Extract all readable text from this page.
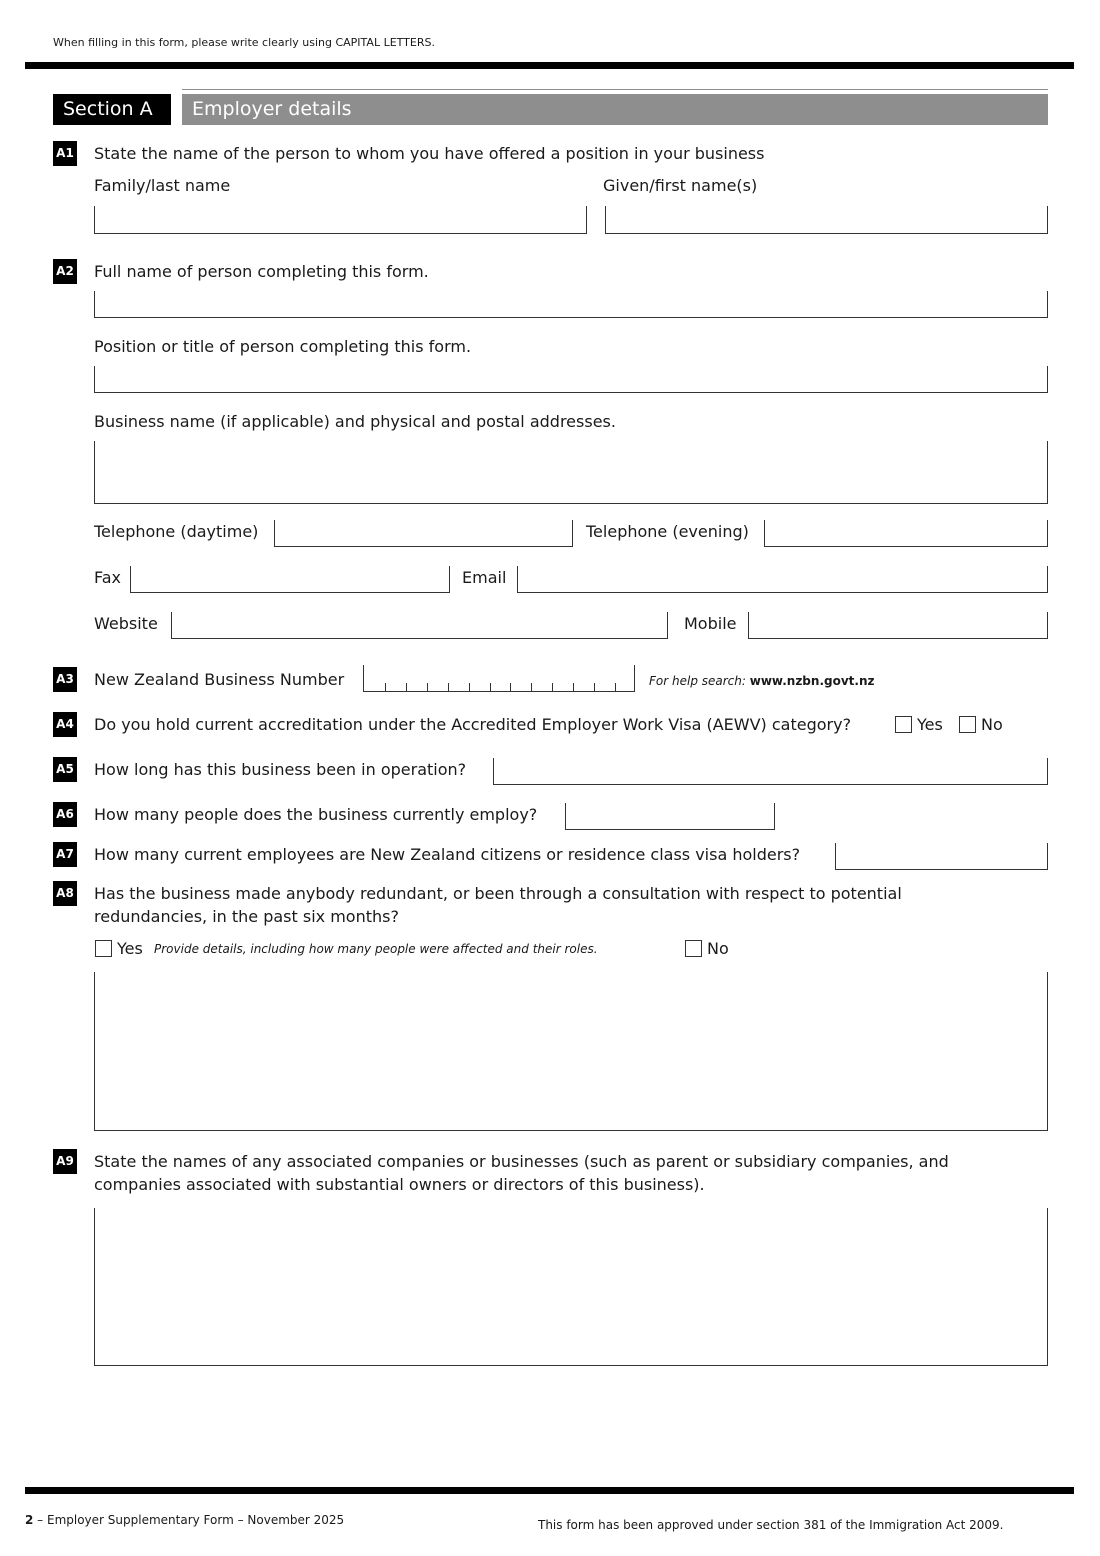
When filling in this form, please write clearly using CAPITAL LETTERS.
Section A	Employer details
A1 State the name of the person to whom you have offered a position in your business
Family/last name	Given/first name(s)
A2 Full name of person completing this form.
Position or title of person completing this form.
Business name (if applicable) and physical and postal addresses.
Telephone (daytime)	Telephone (evening)
Fax	Email
Website	Mobile
A3 New Zealand Business Number	For help search: www.nzbn.govt.nz
A4 Do you hold current accreditation under the Accredited Employer Work Visa (AEWV) category?	Yes No
A5 How long has this business been in operation?
A6 How many people does the business currently employ?
A7 How many current employees are New Zealand citizens or residence class visa holders?
A8 Has the business made anybody redundant, or been through a consultation with respect to potential
redundancies, in the past six months?
Yes Provide details, including how many people were affected and their roles.	No
A9 State the names of any associated companies or businesses (such as parent or subsidiary companies, and
companies associated with substantial owners or directors of this business).
2 – Employer Supplementary Form – November 2025	This form has been approved under section 381 of the Immigration Act 2009.
